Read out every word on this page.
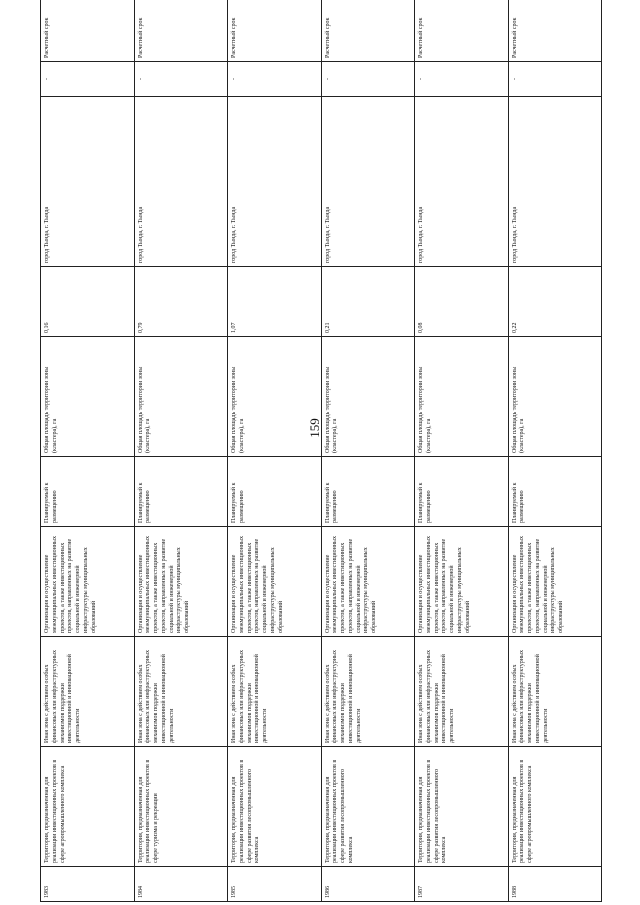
159
1983	Территория, предназначенная для реализации инвестиционных проектов в сфере агропромышленного комплекса	Иная зона с действием особых финансовых или инфраструктурных механизмов поддержки инвестиционной и инновационной деятельности	Организация и осуществление межмуниципальных инвестиционных проектов, а также инвестиционных проектов, направленных на развитие социальной и инженерной инфраструктуры муниципальных образований	Планируемый к размещению	Общая площадь территории зоны (кластера), га	0,16	город Тында, г. Тында	-	Расчетный срок
1984	Территория, предназначенная для реализации инвестиционных проектов в сфере туризма и рекреации	Иная зона с действием особых финансовых или инфраструктурных механизмов поддержки инвестиционной и инновационной деятельности	Организация и осуществление межмуниципальных инвестиционных проектов, а также инвестиционных проектов, направленных на развитие социальной и инженерной инфраструктуры муниципальных образований	Планируемый к размещению	Общая площадь территории зоны (кластера), га	0,79	город Тында, г. Тында	-	Расчетный срок
1985	Территория, предназначенная для реализации инвестиционных проектов в сфере развития лесопромышленного комплекса	Иная зона с действием особых финансовых или инфраструктурных механизмов поддержки инвестиционной и инновационной деятельности	Организация и осуществление межмуниципальных инвестиционных проектов, а также инвестиционных проектов, направленных на развитие социальной и инженерной инфраструктуры муниципальных образований	Планируемый к размещению	Общая площадь территории зоны (кластера), га	1,07	город Тында, г. Тында	-	Расчетный срок
1986	Территория, предназначенная для реализации инвестиционных проектов в сфере развития лесопромышленного комплекса	Иная зона с действием особых финансовых или инфраструктурных механизмов поддержки инвестиционной и инновационной деятельности	Организация и осуществление межмуниципальных инвестиционных проектов, а также инвестиционных проектов, направленных на развитие социальной и инженерной инфраструктуры муниципальных образований	Планируемый к размещению	Общая площадь территории зоны (кластера), га	0,21	город Тында, г. Тында	-	Расчетный срок
1987	Территория, предназначенная для реализации инвестиционных проектов в сфере развития лесопромышленного комплекса	Иная зона с действием особых финансовых или инфраструктурных механизмов поддержки инвестиционной и инновационной деятельности	Организация и осуществление межмуниципальных инвестиционных проектов, а также инвестиционных проектов, направленных на развитие социальной и инженерной инфраструктуры муниципальных образований	Планируемый к размещению	Общая площадь территории зоны (кластера), га	0,08	город Тында, г. Тында	-	Расчетный срок
1988	Территория, предназначенная для реализации инвестиционных проектов в сфере агропромышленного комплекса	Иная зона с действием особых финансовых или инфраструктурных механизмов поддержки инвестиционной и инновационной деятельности	Организация и осуществление межмуниципальных инвестиционных проектов, а также инвестиционных проектов, направленных на развитие социальной и инженерной инфраструктуры муниципальных образований	Планируемый к размещению	Общая площадь территории зоны (кластера), га	0,22	город Тында, г. Тында	-	Расчетный срок
